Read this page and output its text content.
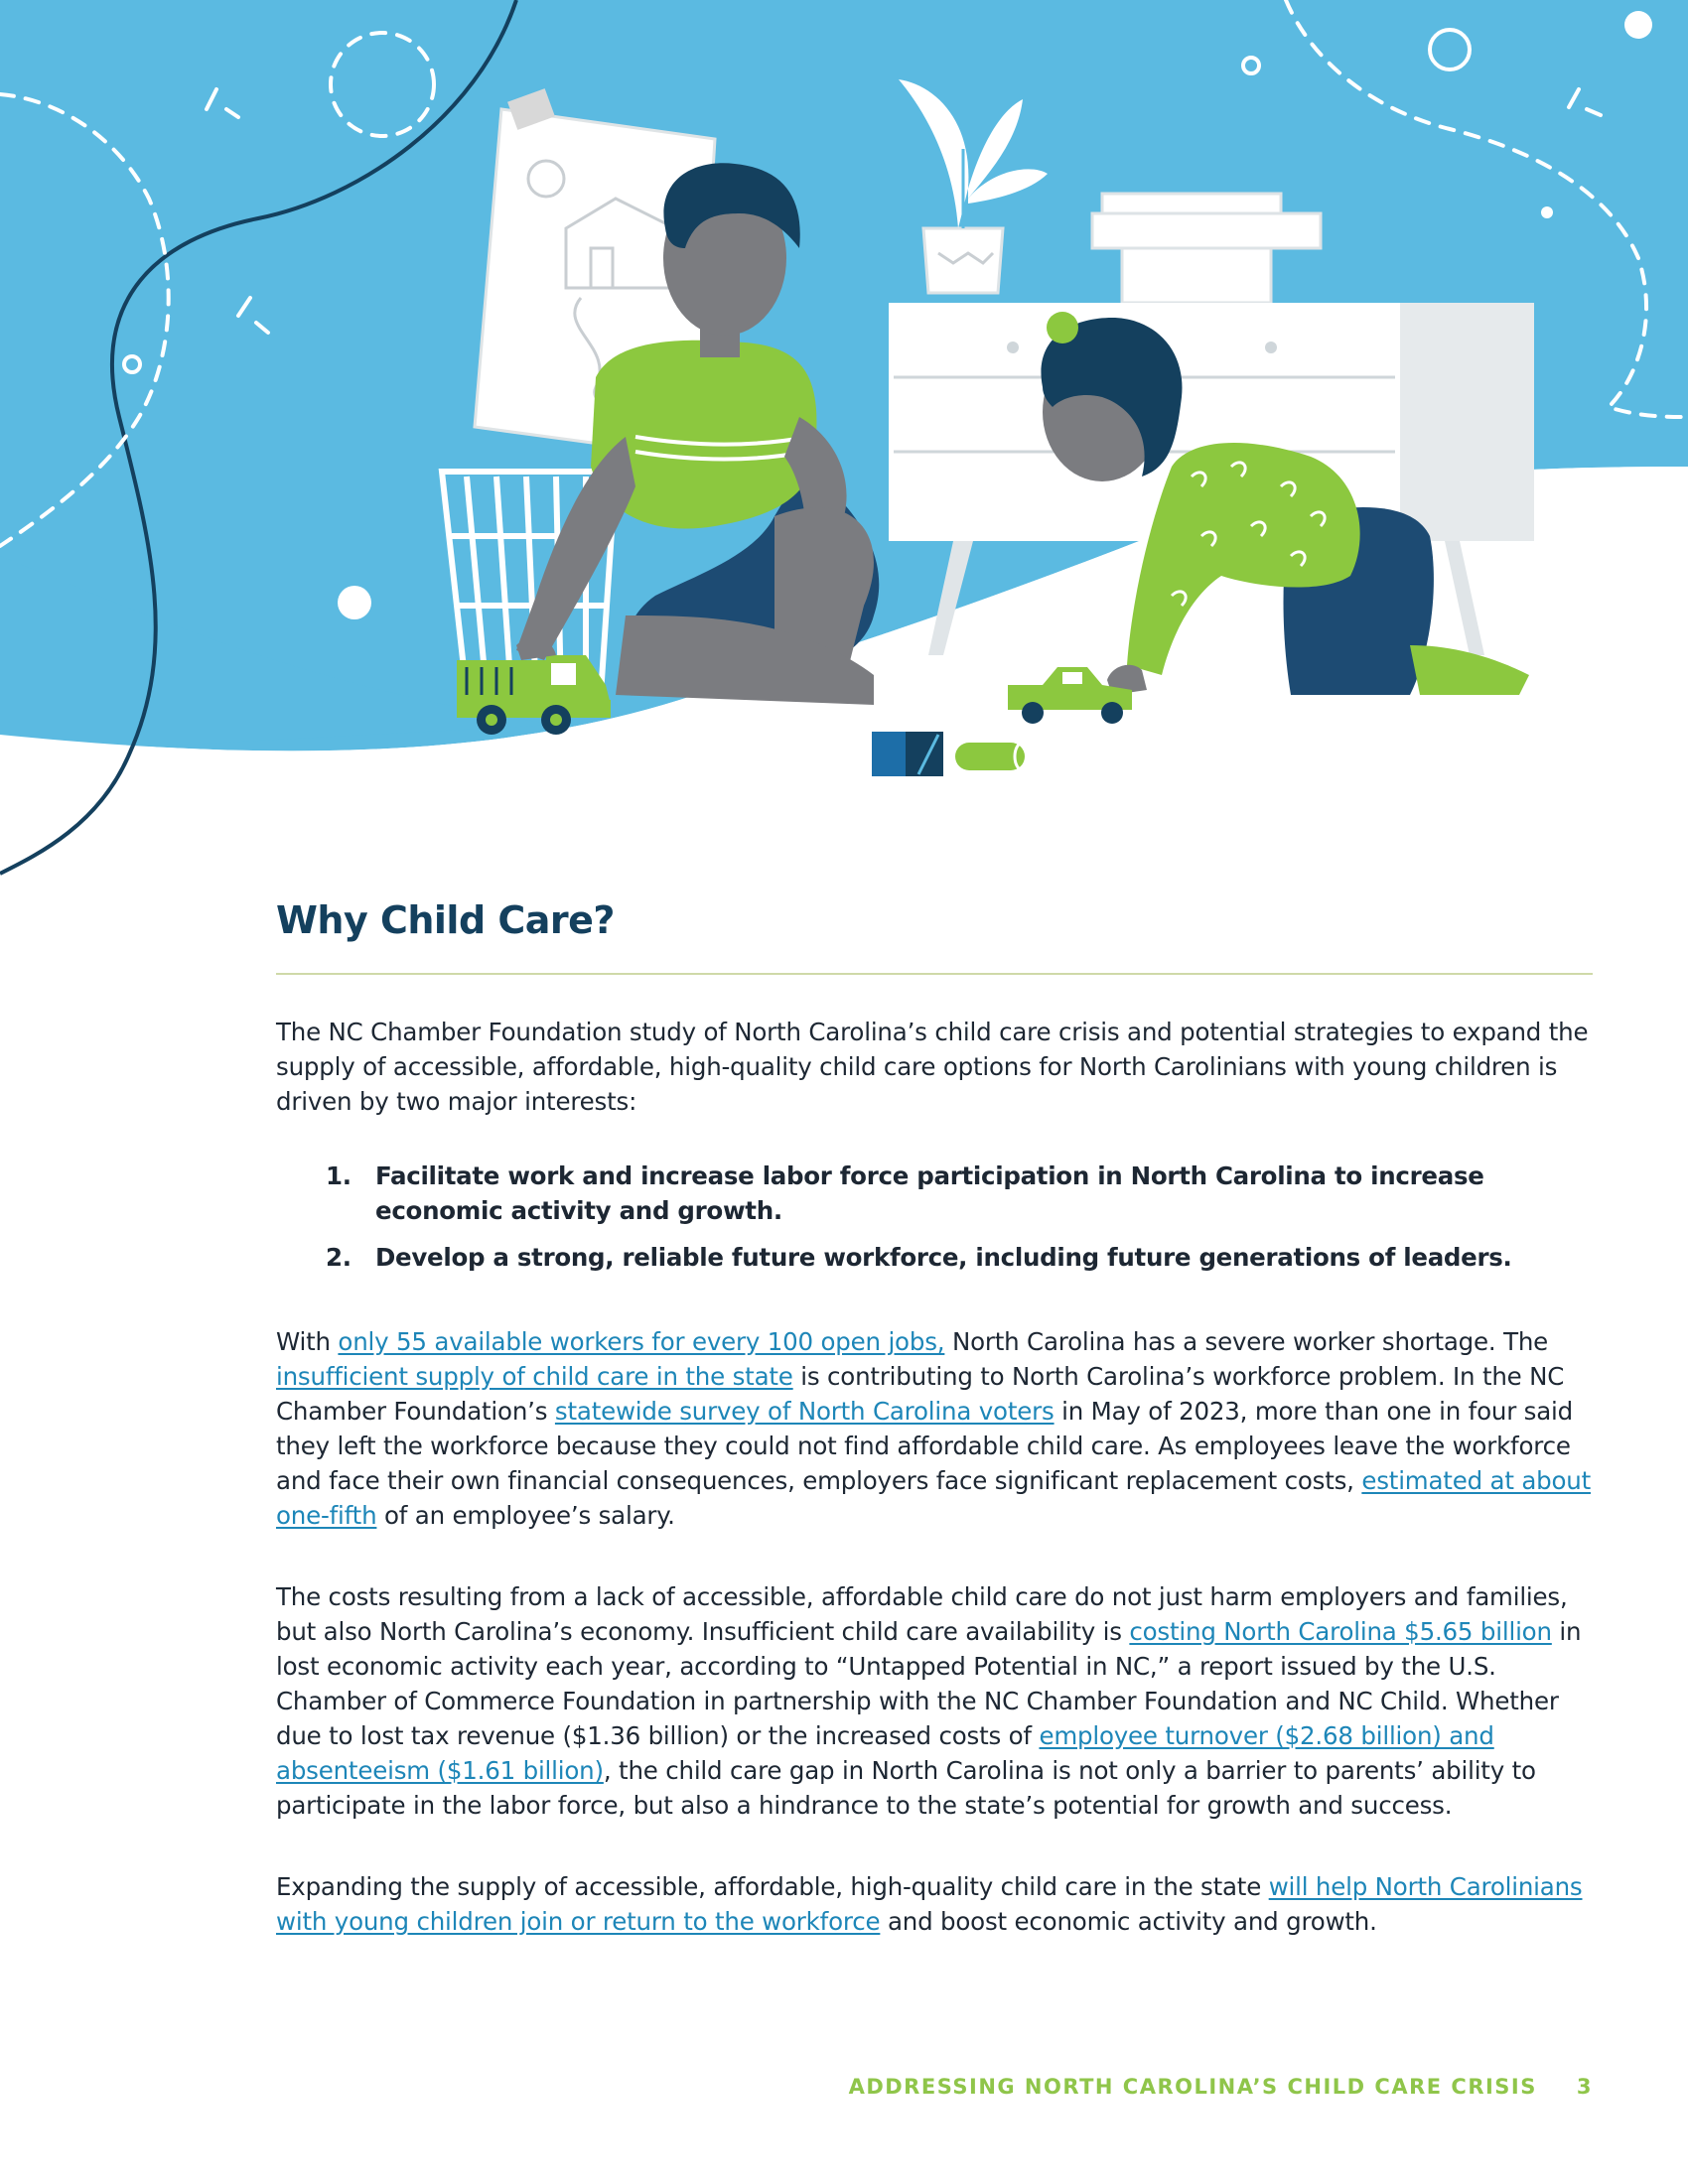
Why Child Care?

The NC Chamber Foundation study of North Carolina’s child care crisis and potential strategies to expand the supply of accessible, affordable, high-quality child care options for North Carolinians with young children is driven by two major interests:

1. Facilitate work and increase labor force participation in North Carolina to increase economic activity and growth.
2. Develop a strong, reliable future workforce, including future generations of leaders.

With only 55 available workers for every 100 open jobs, North Carolina has a severe worker shortage. The insufficient supply of child care in the state is contributing to North Carolina’s workforce problem. In the NC Chamber Foundation’s statewide survey of North Carolina voters in May of 2023, more than one in four said they left the workforce because they could not find affordable child care. As employees leave the workforce and face their own financial consequences, employers face significant replacement costs, estimated at about one-fifth of an employee’s salary.

The costs resulting from a lack of accessible, affordable child care do not just harm employers and families, but also North Carolina’s economy. Insufficient child care availability is costing North Carolina $5.65 billion in lost economic activity each year, according to “Untapped Potential in NC,” a report issued by the U.S. Chamber of Commerce Foundation in partnership with the NC Chamber Foundation and NC Child. Whether due to lost tax revenue ($1.36 billion) or the increased costs of employee turnover ($2.68 billion) and absenteeism ($1.61 billion), the child care gap in North Carolina is not only a barrier to parents’ ability to participate in the labor force, but also a hindrance to the state’s potential for growth and success.

Expanding the supply of accessible, affordable, high-quality child care in the state will help North Carolinians with young children join or return to the workforce and boost economic activity and growth.

ADDRESSING NORTH CAROLINA’S CHILD CARE CRISIS 3
